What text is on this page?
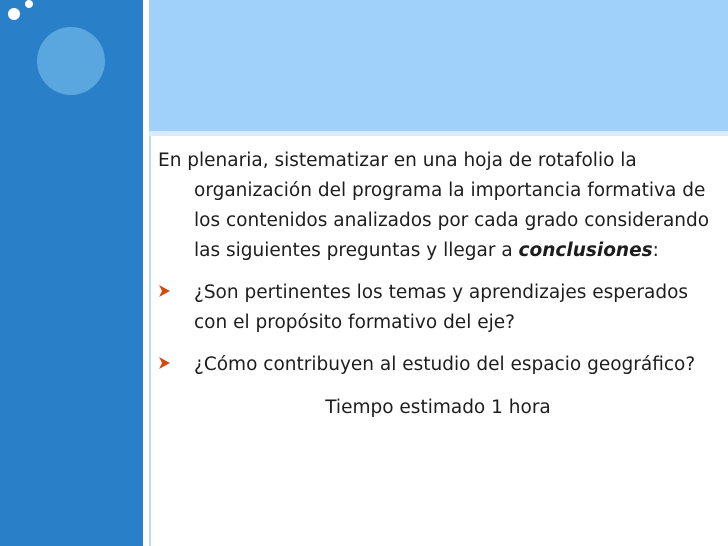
En plenaria, sistematizar en una hoja de rotafolio la organización del programa la importancia formativa de los contenidos analizados por cada grado considerando las siguientes preguntas y llegar a conclusiones:

¿Son pertinentes los temas y aprendizajes esperados con el propósito formativo del eje?
¿Cómo contribuyen al estudio del espacio geográfico?
Tiempo estimado 1 hora
